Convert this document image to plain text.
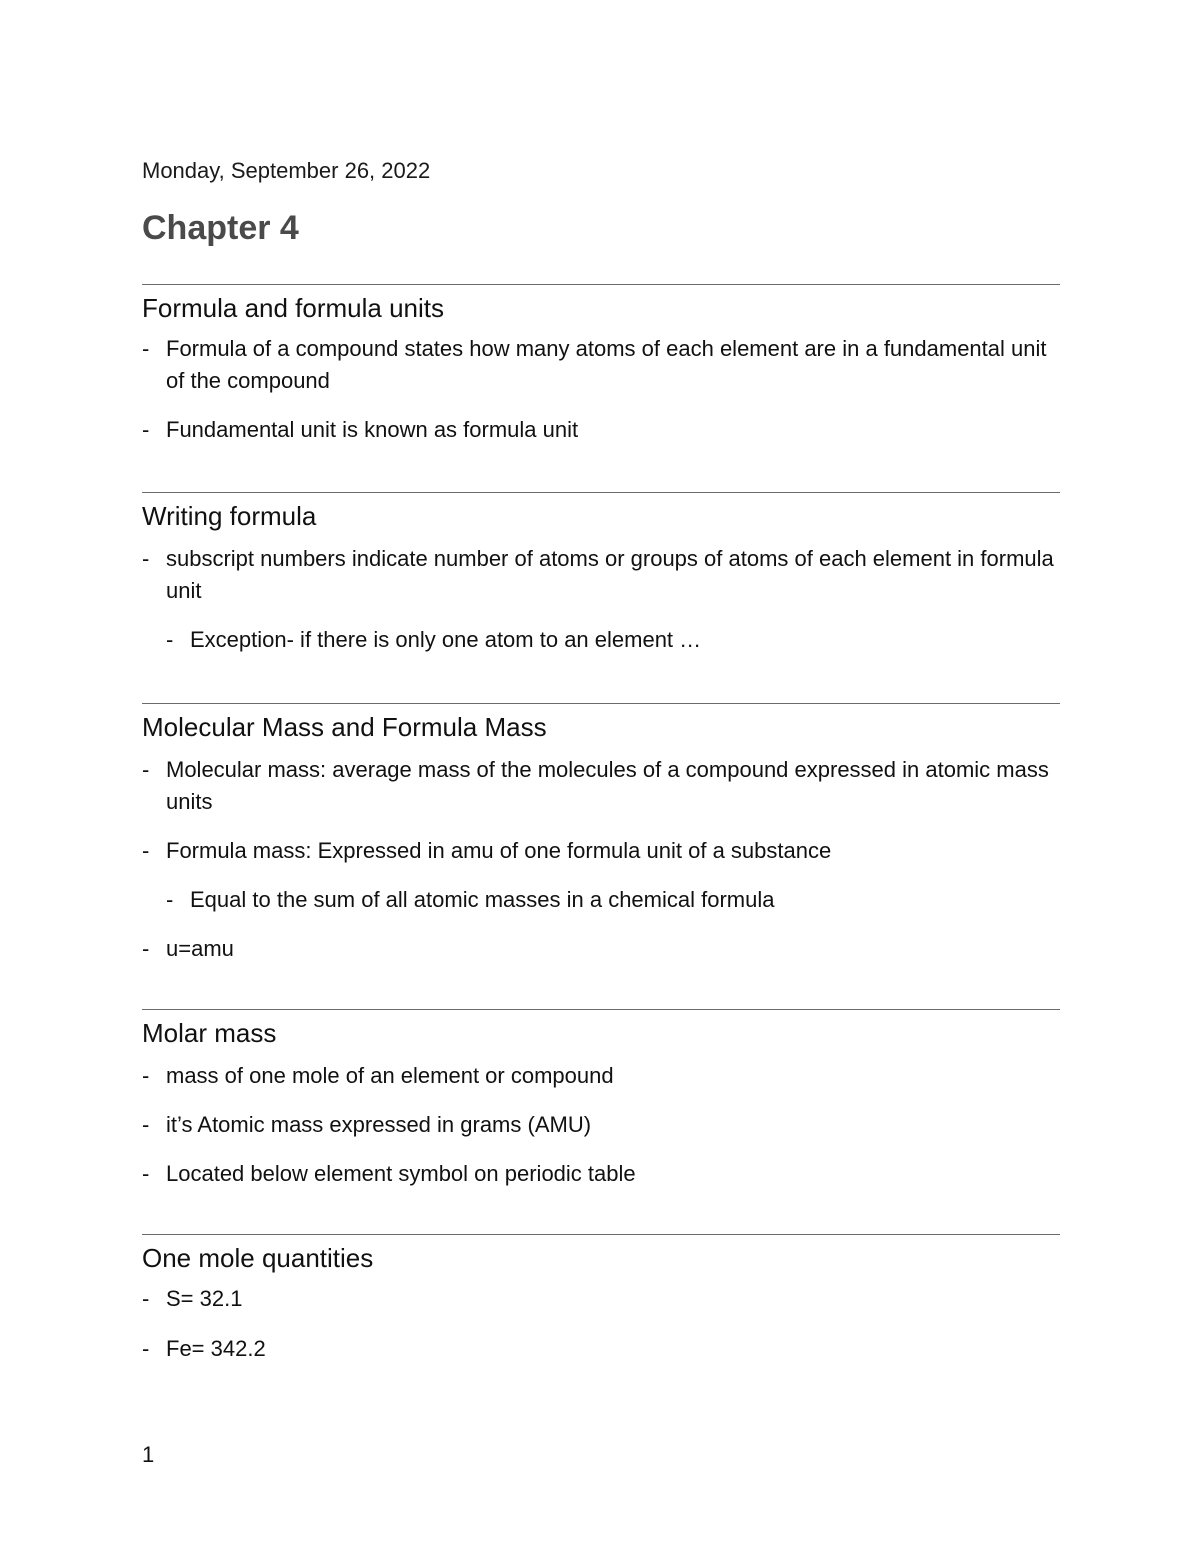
Monday, September 26, 2022
Chapter 4
Formula and formula units
- Formula of a compound states how many atoms of each element are in a fundamental unit of the compound
- Fundamental unit is known as formula unit
Writing formula
- subscript numbers indicate number of atoms or groups of atoms of each element in formula unit
- Exception- if there is only one atom to an element …
Molecular Mass and Formula Mass
- Molecular mass: average mass of the molecules of a compound expressed in atomic mass units
- Formula mass: Expressed in amu of one formula unit of a substance
- Equal to the sum of all atomic masses in a chemical formula
- u=amu
Molar mass
- mass of one mole of an element or compound
- it’s Atomic mass expressed in grams (AMU)
- Located below element symbol on periodic table
One mole quantities
- S= 32.1
- Fe= 342.2
1
